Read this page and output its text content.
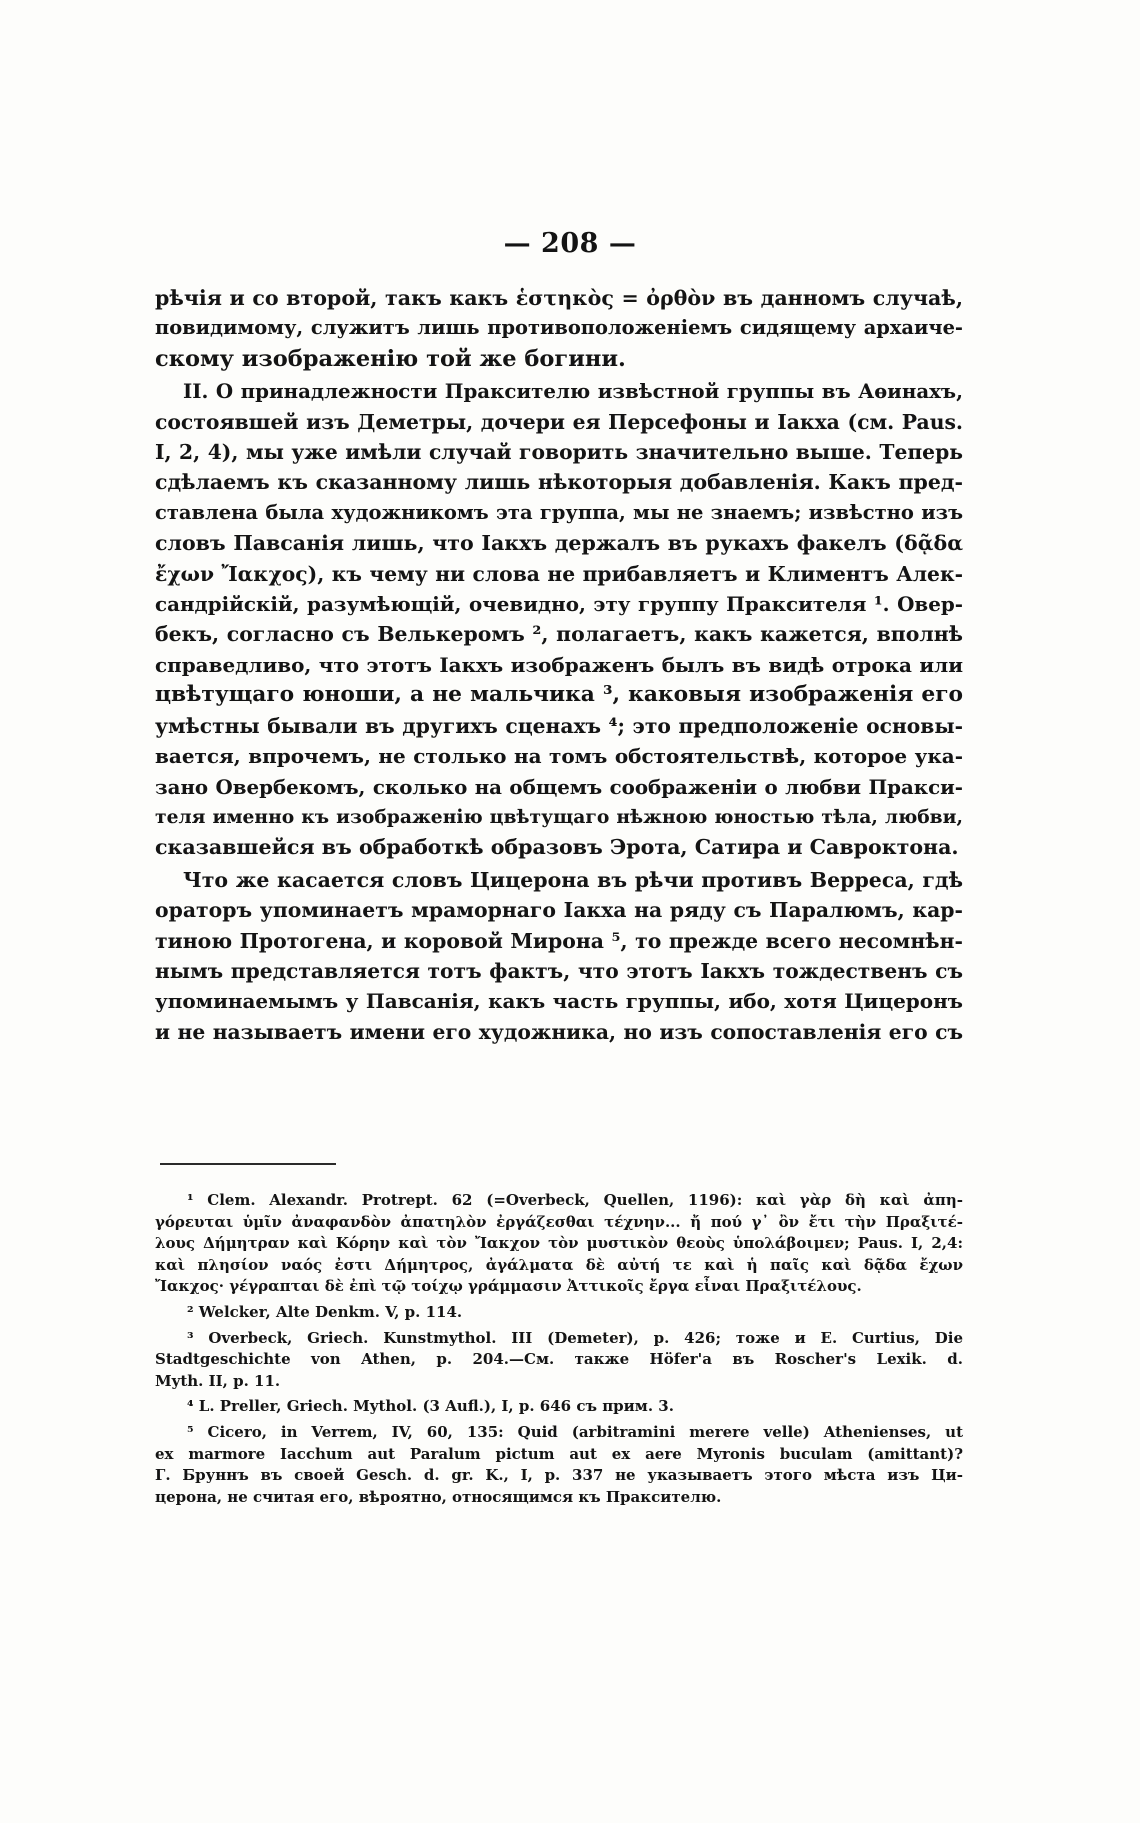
— 208 —
рѣчія и со второй, такъ какъ ἑστηκὸς = ὀρθὸν въ данномъ случаѣ,
повидимому, служитъ лишь противоположеніемъ сидящему архаиче-
скому изображенію той же богини.
II. О принадлежности Праксителю извѣстной группы въ Аѳинахъ,
состоявшей изъ Деметры, дочери ея Персефоны и Іакха (см. Paus.
I, 2, 4), мы уже имѣли случай говорить значительно выше. Теперь
сдѣлаемъ къ сказанному лишь нѣкоторыя добавленія. Какъ пред-
ставлена была художникомъ эта группа, мы не знаемъ; извѣстно изъ
словъ Павсанія лишь, что Іакхъ держалъ въ рукахъ факелъ (δᾷδα
ἔχων Ἴακχος), къ чему ни слова не прибавляетъ и Климентъ Алек-
сандрійскій, разумѣющій, очевидно, эту группу Праксителя ¹. Овер-
бекъ, согласно съ Велькеромъ ², полагаетъ, какъ кажется, вполнѣ
справедливо, что этотъ Іакхъ изображенъ былъ въ видѣ отрока или
цвѣтущаго юноши, а не мальчика ³, каковыя изображенія его
умѣстны бывали въ другихъ сценахъ ⁴; это предположеніе основы-
вается, впрочемъ, не столько на томъ обстоятельствѣ, которое ука-
зано Овербекомъ, сколько на общемъ соображеніи о любви Пракси-
теля именно къ изображенію цвѣтущаго нѣжною юностью тѣла, любви,
сказавшейся въ обработкѣ образовъ Эрота, Сатира и Савроктона.
Что же касается словъ Цицерона въ рѣчи противъ Верреса, гдѣ
ораторъ упоминаетъ мраморнаго Іакха на ряду съ Паралюмъ, кар-
тиною Протогена, и коровой Мирона ⁵, то прежде всего несомнѣн-
нымъ представляется тотъ фактъ, что этотъ Іакхъ тождественъ съ
упоминаемымъ у Павсанія, какъ часть группы, ибо, хотя Цицеронъ
и не называетъ имени его художника, но изъ сопоставленія его съ
¹ Clem. Alexandr. Protrept. 62 (=Overbeck, Quellen, 1196): καὶ γὰρ δὴ καὶ ἀπη-
γόρευται ὑμῖν ἀναφανδὸν ἀπατηλὸν ἐργάζεσθαι τέχνην... ἤ πού γ᾽ ὂν ἔτι τὴν Πραξιτέ-
λους Δήμητραν καὶ Κόρην καὶ τὸν Ἴακχον τὸν μυστικὸν θεοὺς ὑπολάβοιμεν; Paus. I, 2,4:
καὶ πλησίον ναός ἐστι Δήμητρος, ἀγάλματα δὲ αὐτή τε καὶ ἡ παῖς καὶ δᾷδα ἔχων
Ἴακχος· γέγραπται δὲ ἐπὶ τῷ τοίχῳ γράμμασιν Ἀττικοῖς ἔργα εἶναι Πραξιτέλους.
² Welcker, Alte Denkm. V, p. 114.
³ Overbeck, Griech. Kunstmythol. III (Demeter), p. 426; тоже и E. Curtius, Die
Stadtgeschichte von Athen, p. 204.—См. также Höfer'a въ Roscher's Lexik. d.
Myth. II, p. 11.
⁴ L. Preller, Griech. Mythol. (3 Aufl.), I, p. 646 съ прим. 3.
⁵ Cicero, in Verrem, IV, 60, 135: Quid (arbitramini merere velle) Athenienses, ut
ex marmore Iacchum aut Paralum pictum aut ex aere Myronis buculam (amittant)?
Г. Бруннъ въ своей Gesch. d. gr. K., I, p. 337 не указываетъ этого мѣста изъ Ци-
церона, не считая его, вѣроятно, относящимся къ Праксителю.
